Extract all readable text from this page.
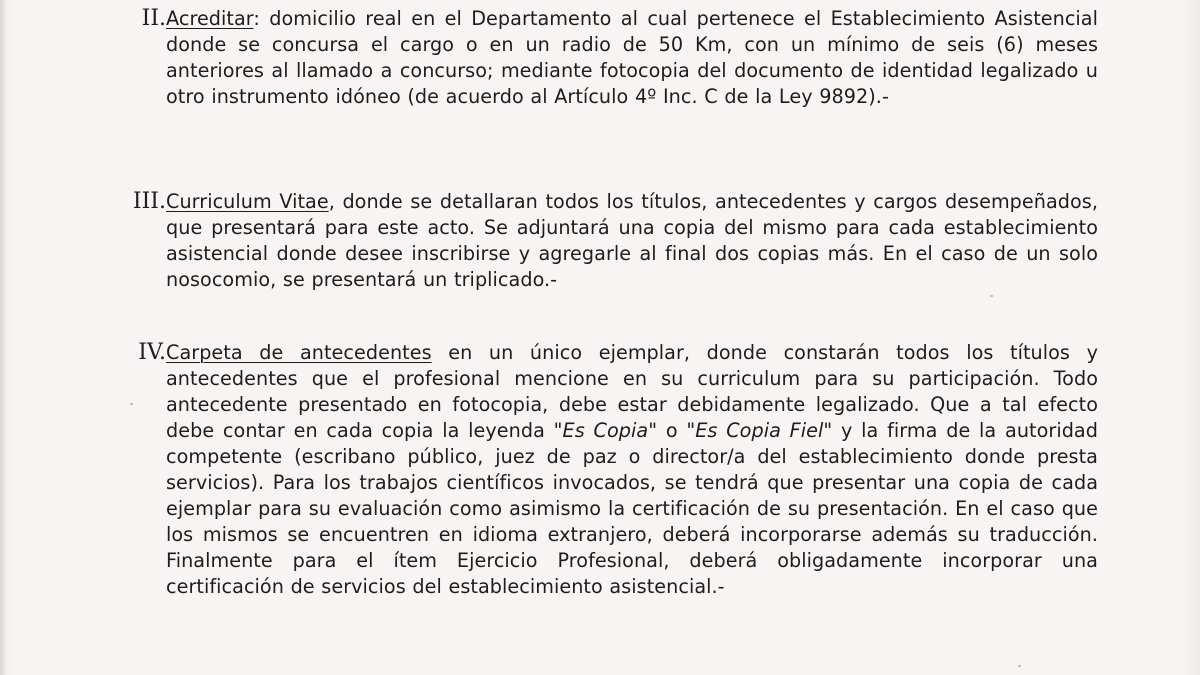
II. Acreditar: domicilio real en el Departamento al cual pertenece el Establecimiento Asistencial donde se concursa el cargo o en un radio de 50 Km, con un mínimo de seis (6) meses anteriores al llamado a concurso; mediante fotocopia del documento de identidad legalizado u otro instrumento idóneo (de acuerdo al Artículo 4º Inc. C de la Ley 9892).-
III. Curriculum Vitae, donde se detallaran todos los títulos, antecedentes y cargos desempeñados, que presentará para este acto. Se adjuntará una copia del mismo para cada establecimiento asistencial donde desee inscribirse y agregarle al final dos copias más. En el caso de un solo nosocomio, se presentará un triplicado.-
IV. Carpeta de antecedentes en un único ejemplar, donde constarán todos los títulos y antecedentes que el profesional mencione en su curriculum para su participación. Todo antecedente presentado en fotocopia, debe estar debidamente legalizado. Que a tal efecto debe contar en cada copia la leyenda "Es Copia" o "Es Copia Fiel" y la firma de la autoridad competente (escribano público, juez de paz o director/a del establecimiento donde presta servicios). Para los trabajos científicos invocados, se tendrá que presentar una copia de cada ejemplar para su evaluación como asimismo la certificación de su presentación. En el caso que los mismos se encuentren en idioma extranjero, deberá incorporarse además su traducción. Finalmente para el ítem Ejercicio Profesional, deberá obligadamente incorporar una certificación de servicios del establecimiento asistencial.-
